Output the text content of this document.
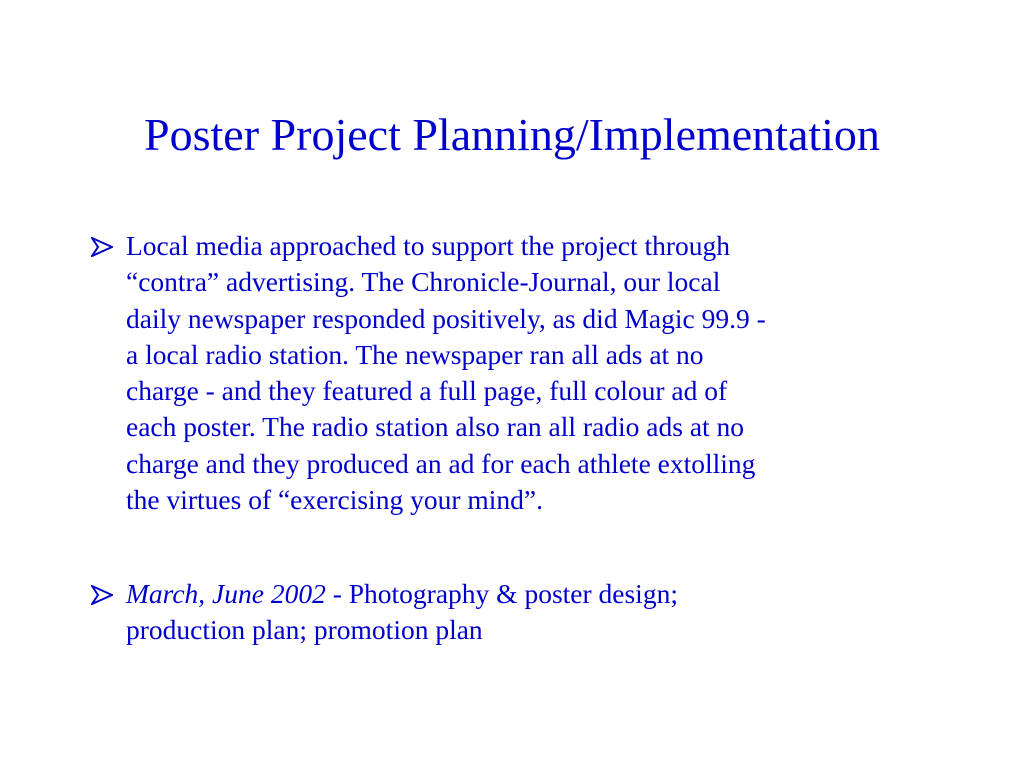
Poster Project Planning/Implementation
Local media approached to support the project through
“contra” advertising. The Chronicle-Journal, our local
daily newspaper responded positively, as did Magic 99.9 -
a local radio station. The newspaper ran all ads at no
charge - and they featured a full page, full colour ad of
each poster. The radio station also ran all radio ads at no
charge and they produced an ad for each athlete extolling
the virtues of “exercising your mind”.
March, June 2002 - Photography & poster design;
production plan; promotion plan
